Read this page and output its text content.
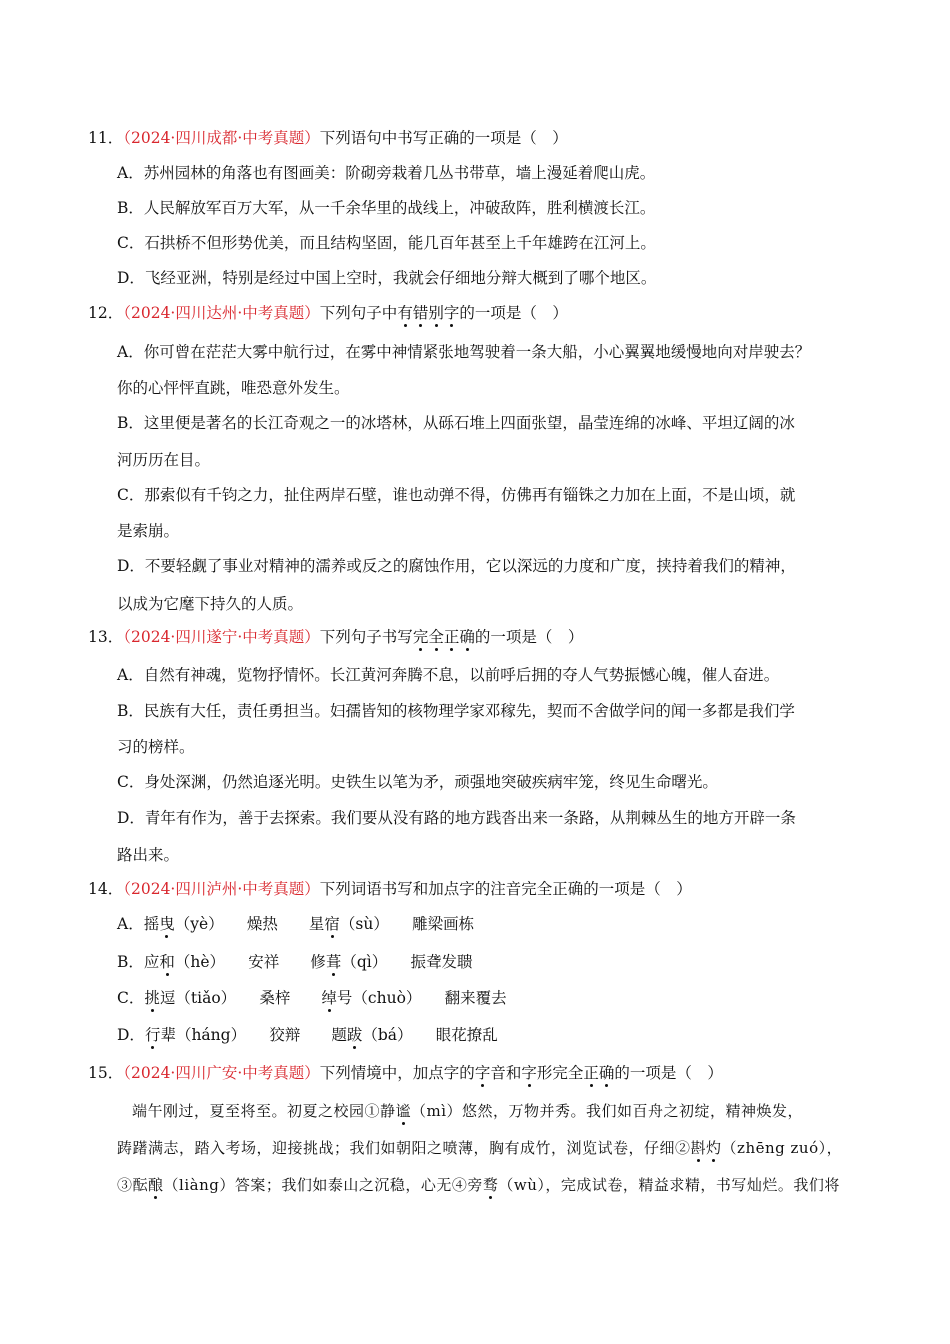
11．（2024·四川成都·中考真题）下列语句中书写正确的一项是（　）
A．苏州园林的角落也有图画美：阶砌旁栽着几丛书带草，墙上漫延着爬山虎。
B．人民解放军百万大军，从一千余华里的战线上，冲破敌阵，胜利横渡长江。
C．石拱桥不但形势优美，而且结构坚固，能几百年甚至上千年雄跨在江河上。
D．飞经亚洲，特别是经过中国上空时，我就会仔细地分辩大概到了哪个地区。
12．（2024·四川达州·中考真题）下列句子中有错别字的一项是（　）
A．你可曾在茫茫大雾中航行过，在雾中神情紧张地驾驶着一条大船，小心翼翼地缓慢地向对岸驶去？
你的心怦怦直跳，唯恐意外发生。
B．这里便是著名的长江奇观之一的冰塔林，从砾石堆上四面张望，晶莹连绵的冰峰、平坦辽阔的冰
河历历在目。
C．那索似有千钧之力，扯住两岸石壁，谁也动弹不得，仿佛再有锱铢之力加在上面，不是山顷，就
是索崩。
D．不要轻觑了事业对精神的濡养或反之的腐蚀作用，它以深远的力度和广度，挟持着我们的精神，
以成为它麾下持久的人质。
13．（2024·四川遂宁·中考真题）下列句子书写完全正确的一项是（　）
A．自然有神魂，览物抒情怀。长江黄河奔腾不息，以前呼后拥的夺人气势振憾心魄，催人奋进。
B．民族有大任，责任勇担当。妇孺皆知的核物理学家邓稼先，契而不舍做学问的闻一多都是我们学
习的榜样。
C．身处深渊，仍然追逐光明。史铁生以笔为矛，顽强地突破疾病牢笼，终见生命曙光。
D．青年有作为，善于去探索。我们要从没有路的地方践沓出来一条路，从荆棘丛生的地方开辟一条
路出来。
14．（2024·四川泸州·中考真题）下列词语书写和加点字的注音完全正确的一项是（　）
A．摇曳（yè）　　燥热　　星宿（sù）　　雕梁画栋
B．应和（hè）　　安祥　　修葺（qì）　　振聋发聩
C．挑逗（tiǎo）　　桑梓　　绰号（chuò）　　翻来覆去
D．行辈（háng）　　狡辩　　题跋（bá）　　眼花撩乱
15．（2024·四川广安·中考真题）下列情境中，加点字的字音和字形完全正确的一项是（　）
端午刚过，夏至将至。初夏之校园①静谧（mì）悠然，万物并秀。我们如百舟之初绽，精神焕发，
踌躇满志，踏入考场，迎接挑战；我们如朝阳之喷薄，胸有成竹，浏览试卷，仔细②斟灼（zhēng zuó），
③酝酿（liàng）答案；我们如泰山之沉稳，心无④旁骛（wù），完成试卷，精益求精，书写灿烂。我们将
